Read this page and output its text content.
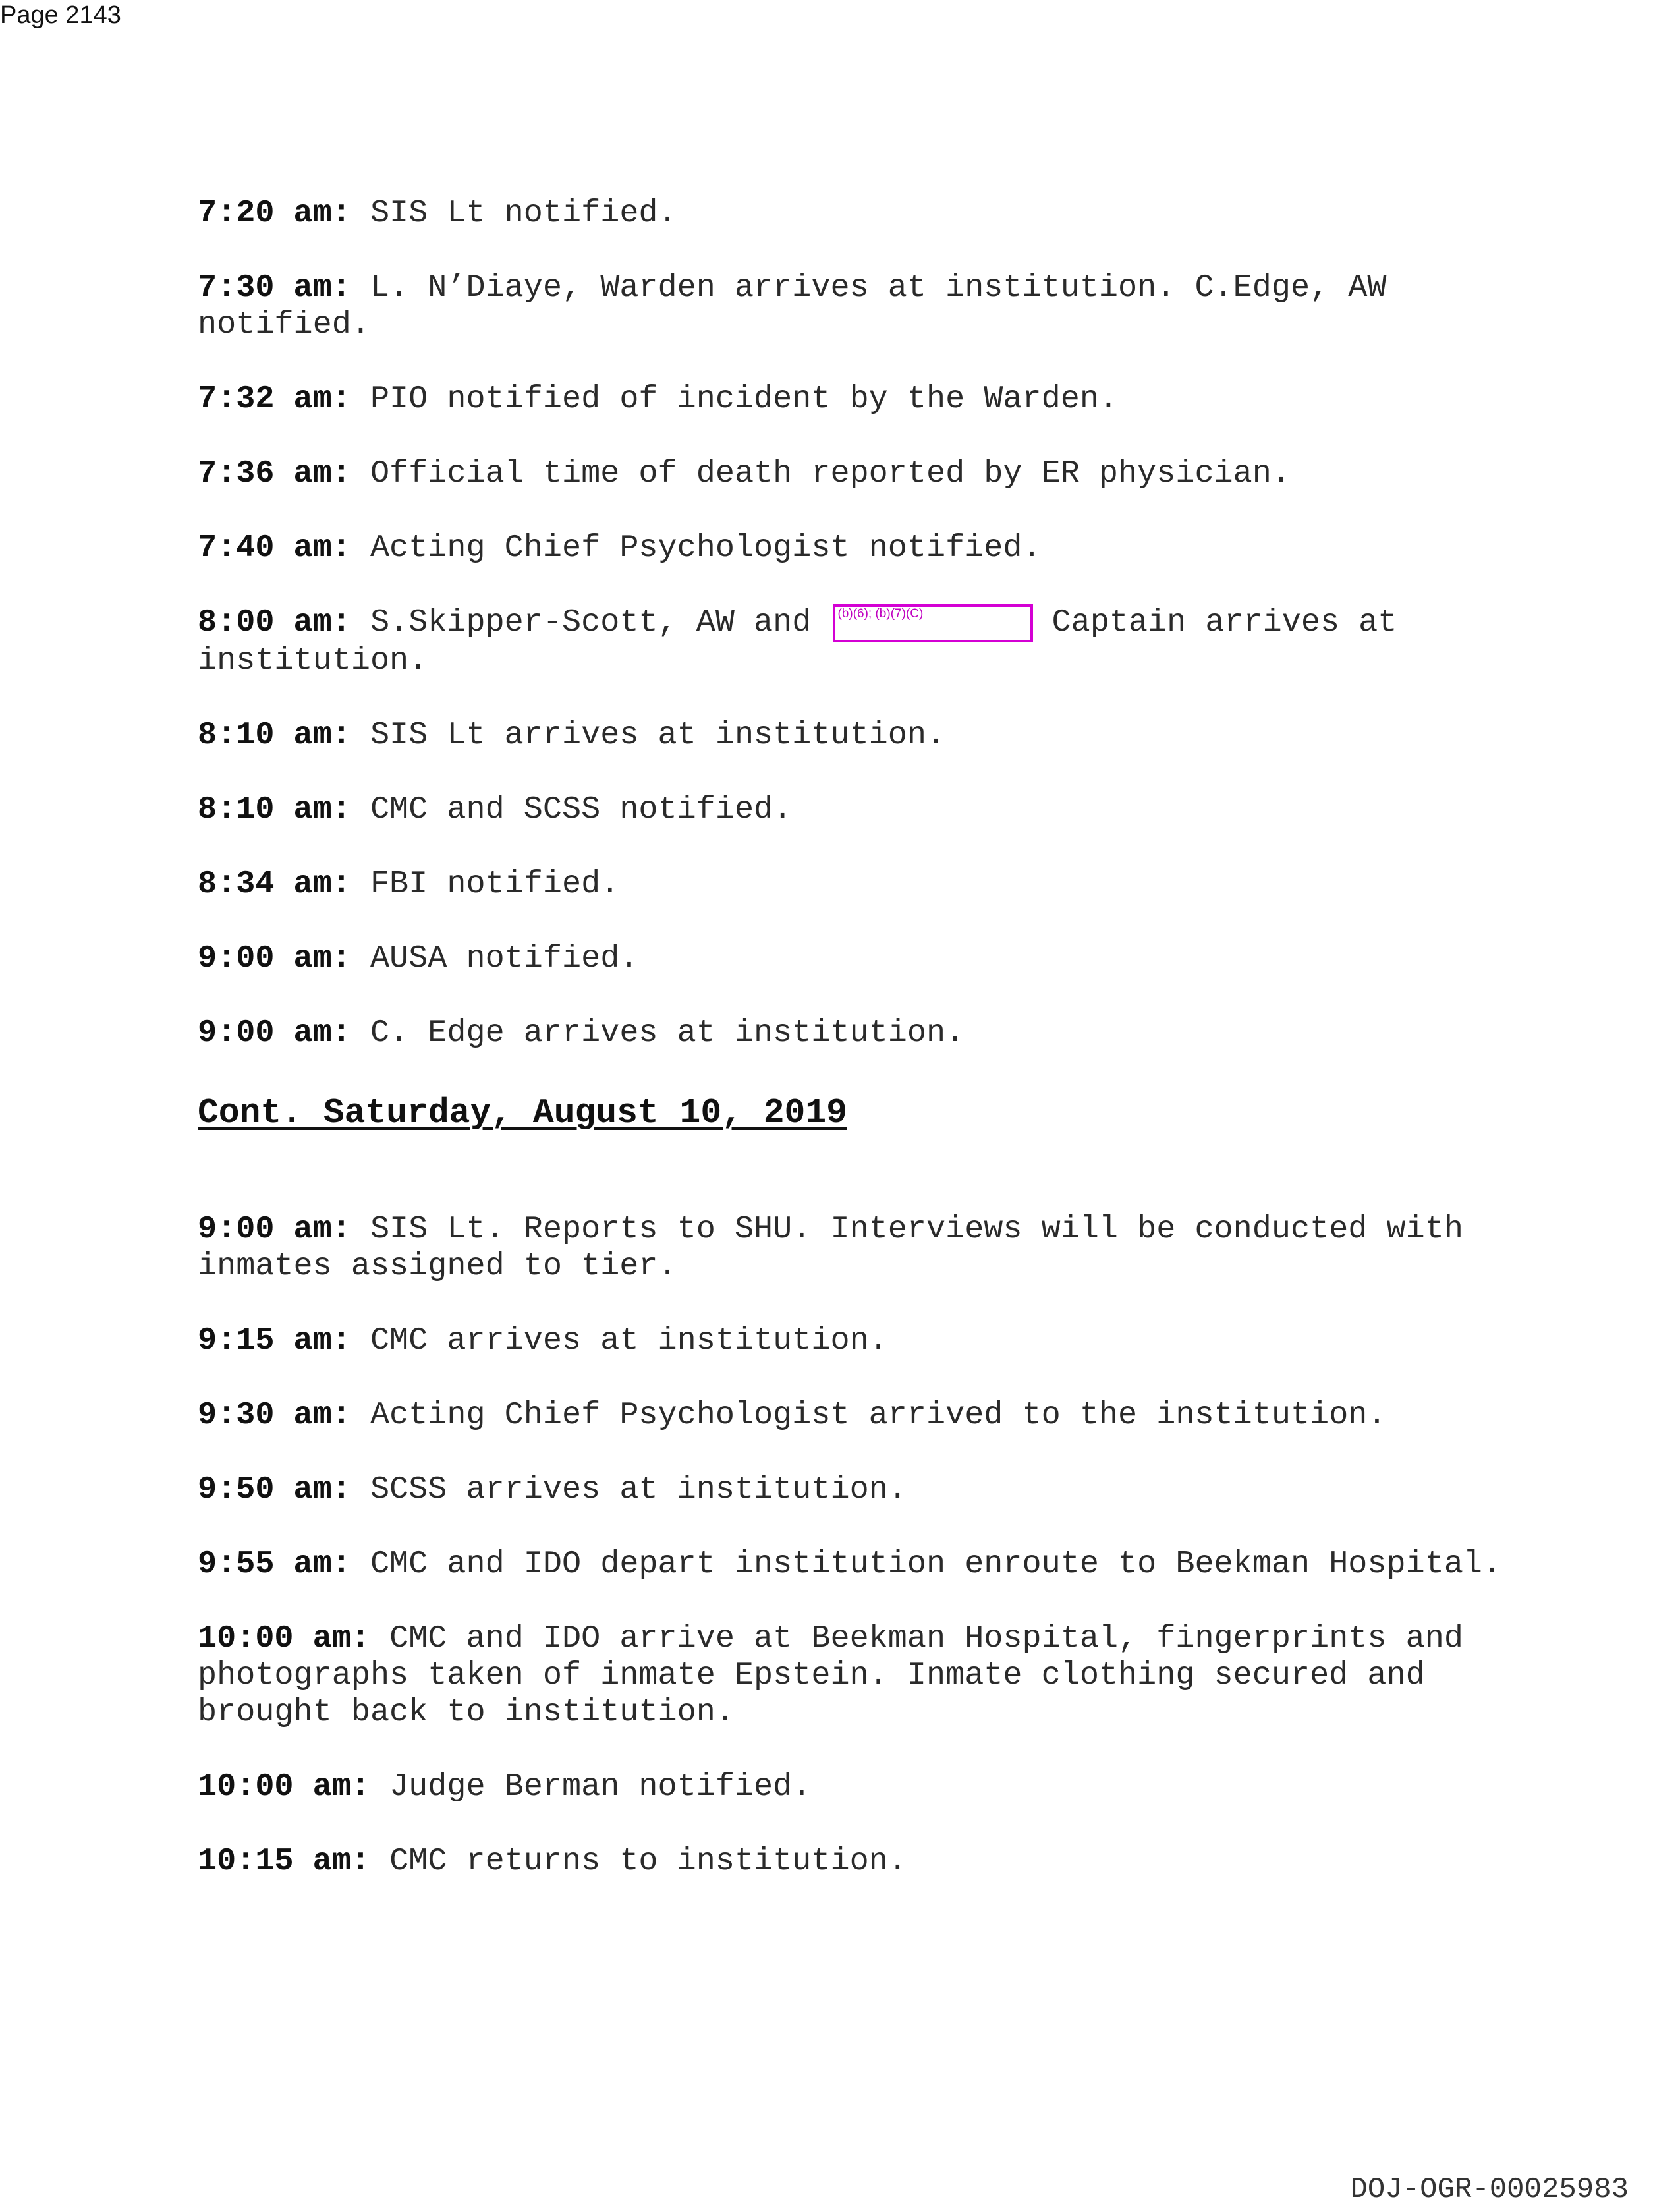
Page 2143
7:20 am: SIS Lt notified.
7:30 am: L. N’Diaye, Warden arrives at institution. C.Edge, AW notified.
7:32 am: PIO notified of incident by the Warden.
7:36 am: Official time of death reported by ER physician.
7:40 am: Acting Chief Psychologist notified.
8:00 am: S.Skipper-Scott, AW and (b)(6); (b)(7)(C)	Captain arrives at institution.
8:10 am: SIS Lt arrives at institution.
8:10 am: CMC and SCSS notified.
8:34 am: FBI notified.
9:00 am: AUSA notified.
9:00 am: C. Edge arrives at institution.
Cont. Saturday, August 10, 2019
9:00 am: SIS Lt. Reports to SHU. Interviews will be conducted with inmates assigned to tier.
9:15 am: CMC arrives at institution.
9:30 am: Acting Chief Psychologist arrived to the institution.
9:50 am: SCSS arrives at institution.
9:55 am: CMC and IDO depart institution enroute to Beekman Hospital.
10:00 am: CMC and IDO arrive at Beekman Hospital, fingerprints and photographs taken of inmate Epstein. Inmate clothing secured and brought back to institution.
10:00 am: Judge Berman notified.
10:15 am: CMC returns to institution.
DOJ-OGR-00025983
